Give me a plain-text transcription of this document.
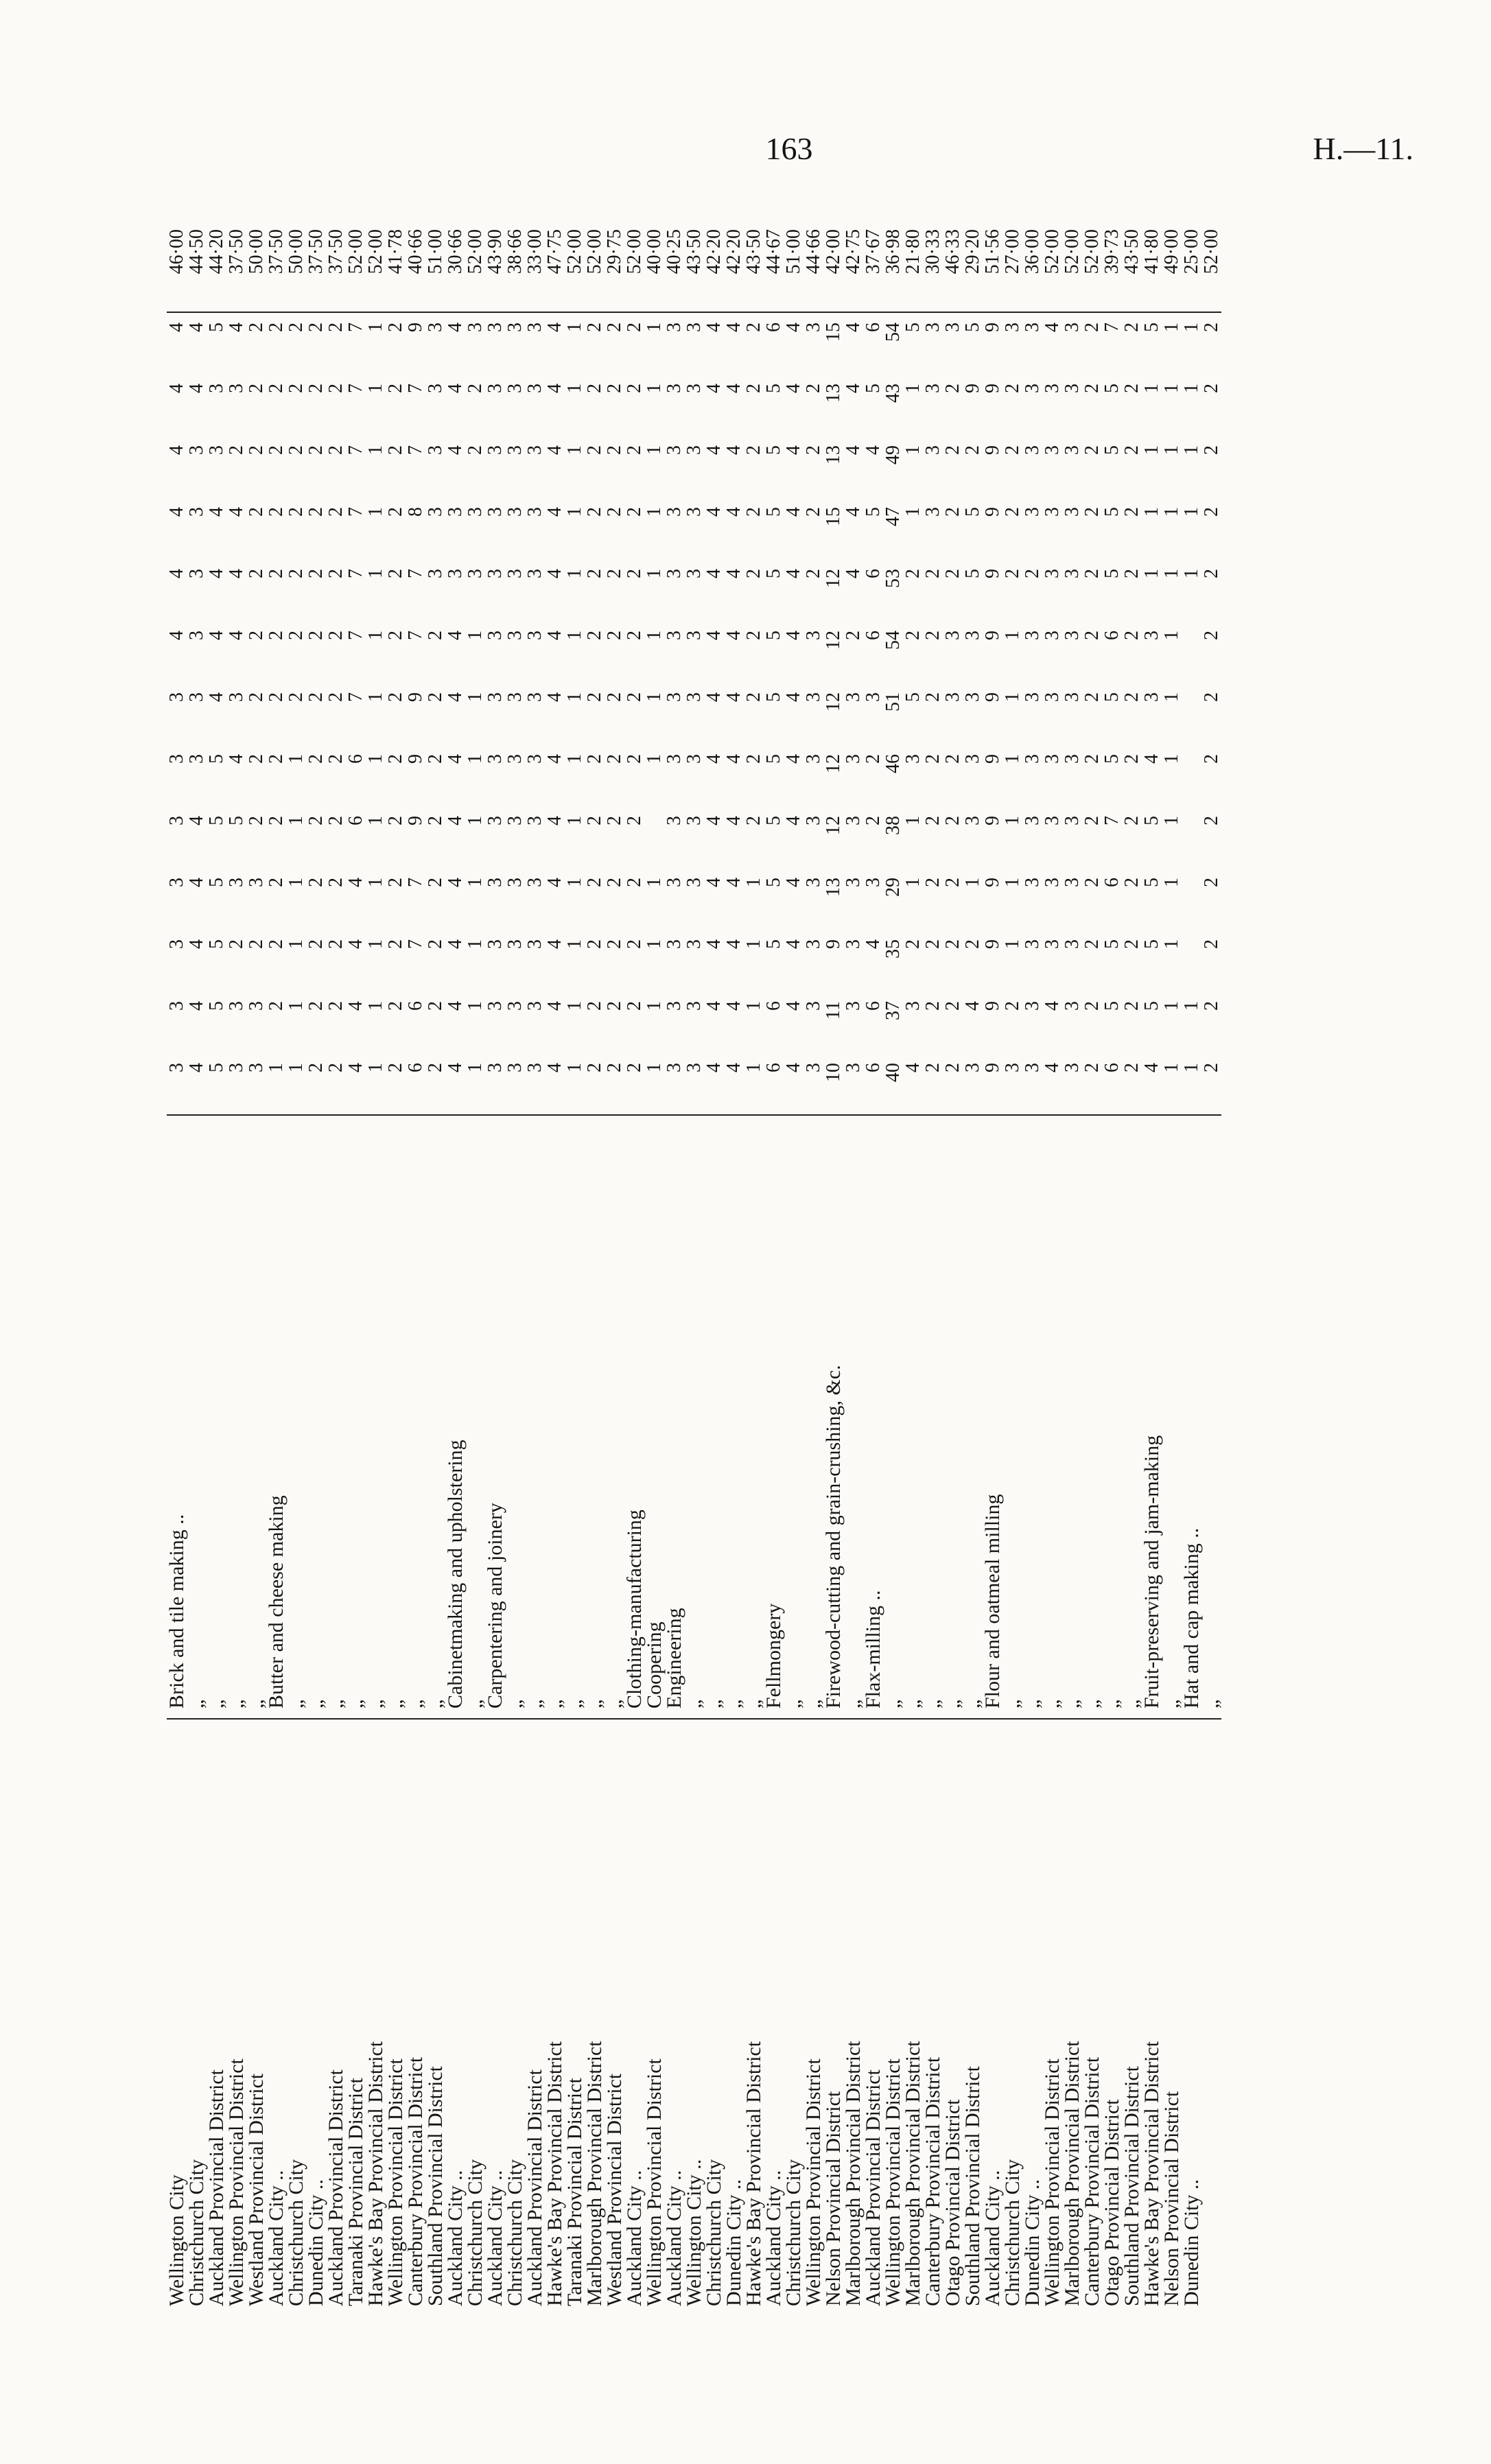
163	H.—11.
Wellington City	Brick and tile making ..	3	3	3	3	3	3	3	4	4	4	4	4	4	46·00
Christchurch City	„	4	4	4	4	4	3	3	3	3	3	3	4	4	44·50
Auckland Provincial District	„	5	5	5	5	5	5	4	4	4	4	3	3	5	44·20
Wellington Provincial District	„	3	3	2	3	5	4	3	4	4	4	2	3	4	37·50
Westland Provincial District	„	3	3	2	3	2	2	2	2	2	2	2	2	2	50·00
Auckland City ..	Butter and cheese making	1	2	2	2	2	2	2	2	2	2	2	2	2	37·50
Christchurch City	„	1	1	1	1	1	1	2	2	2	2	2	2	2	50·00
Dunedin City ..	„	2	2	2	2	2	2	2	2	2	2	2	2	2	37·50
Auckland Provincial District	„	2	2	2	2	2	2	2	2	2	2	2	2	2	37·50
Taranaki Provincial District	„	4	4	4	4	6	6	7	7	7	7	7	7	7	52·00
Hawke's Bay Provincial District	„	1	1	1	1	1	1	1	1	1	1	1	1	1	52·00
Wellington Provincial District	„	2	2	2	2	2	2	2	2	2	2	2	2	2	41·78
Canterbury Provincial District	„	6	6	7	7	9	9	9	7	7	8	7	7	9	40·66
Southland Provincial District	„	2	2	2	2	2	2	2	2	3	3	3	3	3	51·00
Auckland City ..	Cabinetmaking and upholstering	4	4	4	4	4	4	4	4	3	3	4	4	4	30·66
Christchurch City	„	1	1	1	1	1	1	1	1	3	3	2	2	3	52·00
Auckland City ..	Carpentering and joinery	3	3	3	3	3	3	3	3	3	3	3	3	3	43·90
Christchurch City	„	3	3	3	3	3	3	3	3	3	3	3	3	3	38·66
Auckland Provincial District	„	3	3	3	3	3	3	3	3	3	3	3	3	3	33·00
Hawke's Bay Provincial District	„	4	4	4	4	4	4	4	4	4	4	4	4	4	47·75
Taranaki Provincial District	„	1	1	1	1	1	1	1	1	1	1	1	1	1	52·00
Marlborough Provincial District	„	2	2	2	2	2	2	2	2	2	2	2	2	2	52·00
Westland Provincial District	„	2	2	2	2	2	2	2	2	2	2	2	2	2	29·75
Auckland City ..	Clothing-manufacturing	2	2	2	2	2	2	2	2	2	2	2	2	2	52·00
Wellington Provincial District	Coopering	1	1	1	1		1	1	1	1	1	1	1	1	40·00
Auckland City ..	Engineering	3	3	3	3	3	3	3	3	3	3	3	3	3	40·25
Wellington City ..	„	3	3	3	3	3	3	3	3	3	3	3	3	3	43·50
Christchurch City	„	4	4	4	4	4	4	4	4	4	4	4	4	4	42·20
Dunedin City ..	„	4	4	4	4	4	4	4	4	4	4	4	4	4	42·20
Hawke's Bay Provincial District	„	1	1	1	1	2	2	2	2	2	2	2	2	2	43·50
Auckland City ..	Fellmongery	6	6	5	5	5	5	5	5	5	5	5	5	6	44·67
Christchurch City	„	4	4	4	4	4	4	4	4	4	4	4	4	4	51·00
Wellington Provincial District	„	3	3	3	3	3	3	3	3	2	2	2	2	3	44·66
Nelson Provincial District	Firewood-cutting and grain-crushing, &c.	10	11	9	13	12	12	12	12	12	15	13	13	15	42·00
Marlborough Provincial District	„	3	3	3	3	3	3	3	2	4	4	4	4	4	42·75
Auckland Provincial District	Flax-milling ..	6	6	4	3	2	2	3	6	6	5	4	5	6	37·67
Wellington Provincial District	„	40	37	35	29	38	46	51	54	53	47	49	43	54	36·98
Marlborough Provincial District	„	4	3	2	1	1	3	5	2	2	1	1	1	5	21·80
Canterbury Provincial District	„	2	2	2	2	2	2	2	2	2	3	3	3	3	30·33
Otago Provincial District	„	2	2	2	2	2	2	3	3	2	2	2	2	3	46·33
Southland Provincial District	„	3	4	2	1	3	3	3	3	5	5	2	9	5	29·20
Auckland City ..	Flour and oatmeal milling	9	9	9	9	9	9	9	9	9	9	9	9	9	51·56
Christchurch City	„	3	2	1	1	1	1	1	1	2	2	2	2	3	27·00
Dunedin City ..	„	3	3	3	3	3	3	3	3	2	3	3	3	3	36·00
Wellington Provincial District	„	4	4	3	3	3	3	3	3	3	3	3	3	4	52·00
Marlborough Provincial District	„	3	3	3	3	3	3	3	3	3	3	3	3	3	52·00
Canterbury Provincial District	„	2	2	2	2	2	2	2	2	2	2	2	2	2	52·00
Otago Provincial District	„	6	5	5	6	7	5	5	6	5	5	5	5	7	39·73
Southland Provincial District	„	2	2	2	2	2	2	2	2	2	2	2	2	2	43·50
Hawke's Bay Provincial District	Fruit-preserving and jam-making	4	5	5	5	5	4	3	3	1	1	1	1	5	41·80
Nelson Provincial District	„	1	1	1	1	1	1	1	1	1	1	1	1	1	49·00
Dunedin City ..	Hat and cap making ..	1	1							1	1	1	1	1	25·00
	„	2	2	2	2	2	2	2	2	2	2	2	2	2	52·00
